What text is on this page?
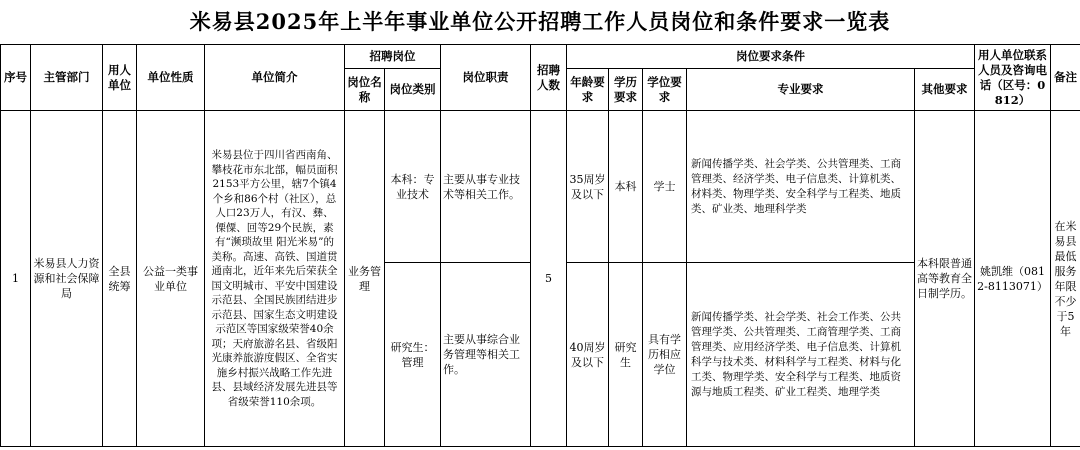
米易县2025年上半年事业单位公开招聘工作人员岗位和条件要求一览表
序号	主管部门	用人单位	单位性质	单位简介	招聘岗位		岗位职责	招聘人数	岗位要求条件					用人单位联系人员及咨询电话（区号：0812）	备注
					岗位名称	岗位类别			年龄要求	学历要求	学位要求	专业要求	其他要求		
1	米易县人力资源和社会保障局	全县统筹	公益一类事业单位	米易县位于四川省西南角、攀枝花市东北部，幅员面积2153平方公里，辖7个镇4个乡和86个村（社区），总人口23万人，有汉、彝、傈僳、回等29个民族，素有“濒琐故里 阳光米易”的美称。高速、高铁、国道贯通南北，近年来先后荣获全国文明城市、平安中国建设示范县、全国民族团结进步示范县、国家生态文明建设示范区等国家级荣誉40余项；天府旅游名县、省级阳光康养旅游度假区、全省实施乡村振兴战略工作先进县、县域经济发展先进县等省级荣誉110余项。	业务管理	本科：专业技术	主要从事专业技术等相关工作。	5	35周岁及以下	本科	学士	新闻传播学类、社会学类、公共管理类、工商管理类、经济学类、电子信息类、计算机类、材料类、物理学类、安全科学与工程类、地质类、矿业类、地理科学类	本科限普通高等教育全日制学历。	姚凯维（0812-8113071）	在米易县最低服务年限不少于5年
						研究生：管理	主要从事综合业务管理等相关工作。		40周岁及以下	研究生	具有学历相应学位	新闻传播学类、社会学类、社会工作类、公共管理学类、公共管理类、工商管理学类、工商管理类、应用经济学类、电子信息类、计算机科学与技术类、材料科学与工程类、材料与化工类、物理学类、安全科学与工程类、地质资源与地质工程类、矿业工程类、地理学类			
